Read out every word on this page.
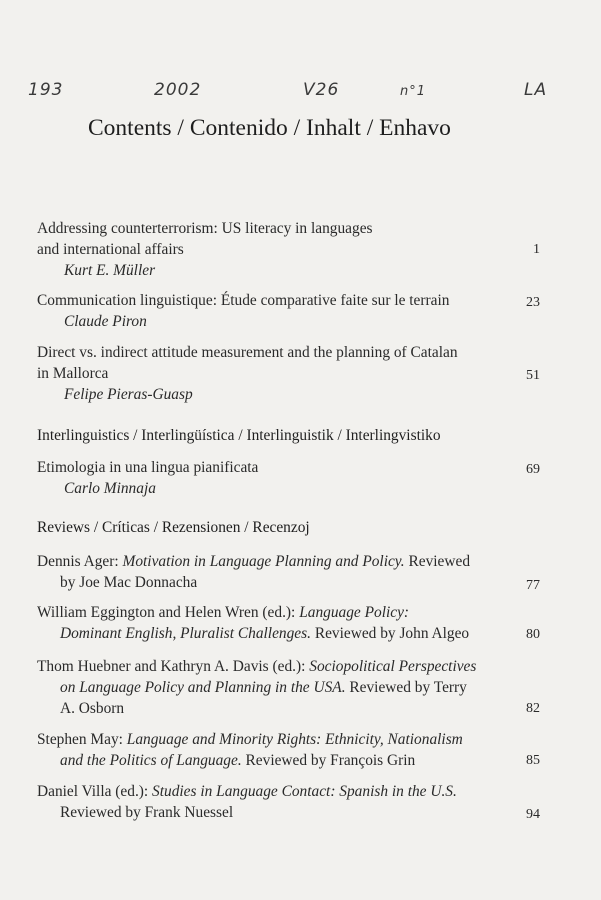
193	2002	V26	n°1	LA
Contents / Contenido / Inhalt / Enhavo
Addressing counterterrorism: US literacy in languages
and international affairs
Kurt E. Müller
1
Communication linguistique: Étude comparative faite sur le terrain
Claude Piron
23
Direct vs. indirect attitude measurement and the planning of Catalan
in Mallorca
Felipe Pieras-Guasp
51
Interlinguistics / Interlingüística / Interlinguistik / Interlingvistiko
Etimologia in una lingua pianificata
Carlo Minnaja
69
Reviews / Críticas / Rezensionen / Recenzoj
Dennis Ager: Motivation in Language Planning and Policy. Reviewed
by Joe Mac Donnacha	77
William Eggington and Helen Wren (ed.): Language Policy:
Dominant English, Pluralist Challenges. Reviewed by John Algeo	80
Thom Huebner and Kathryn A. Davis (ed.): Sociopolitical Perspectives
on Language Policy and Planning in the USA. Reviewed by Terry
A. Osborn	82
Stephen May: Language and Minority Rights: Ethnicity, Nationalism
and the Politics of Language. Reviewed by François Grin	85
Daniel Villa (ed.): Studies in Language Contact: Spanish in the U.S.
Reviewed by Frank Nuessel	94
